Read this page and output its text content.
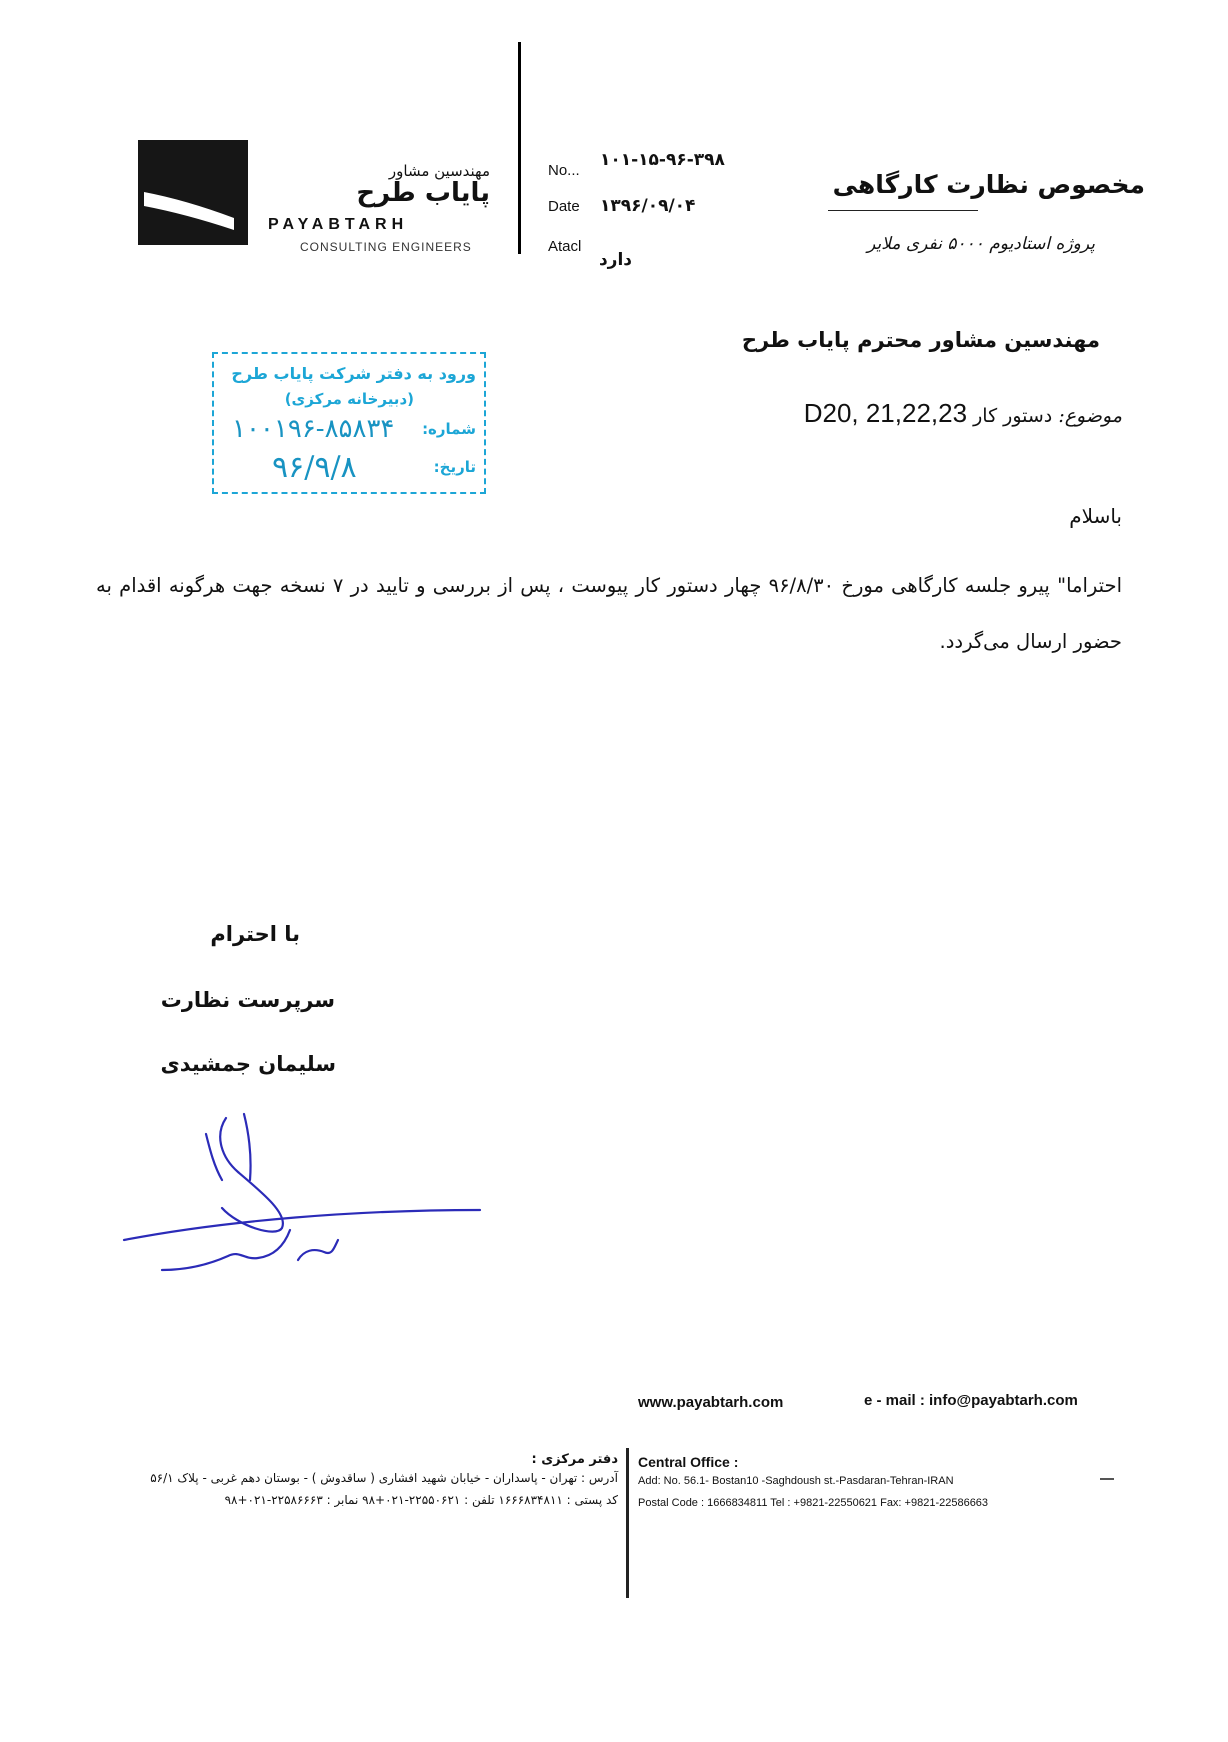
مهندسین مشاور
پایاب طرح
PAYABTARH
CONSULTING ENGINEERS
No...
۱۰۱-۱۵-۹۶-۳۹۸
Date ۱۳۹۶/۰۹/۰۴
Atacl
دارد
مخصوص نظارت کارگاهی
پروژه استادیوم ۵۰۰۰ نفری ملایر
ورود به دفتر شرکت پایاب طرح
(دبیرخانه مرکزی)
شماره:
۱۰۰۱۹۶-۸۵۸۳۴
تاریخ:
۹۶/۹/۸
مهندسین مشاور محترم پایاب طرح
موضوع: دستور کار D20, 21,22,23
باسلام
احتراما" پیرو جلسه کارگاهی مورخ ۹۶/۸/۳۰ چهار دستور کار پیوست ، پس از بررسی و تایید در ۷ نسخه جهت هرگونه اقدام به حضور ارسال می‌گردد.
با احترام
سرپرست نظارت
سلیمان جمشیدی
www.payabtarh.com	e - mail : info@payabtarh.com
دفتر مرکزی :
آدرس : تهران - پاسداران - خیابان شهید افشاری ( ساقدوش ) - بوستان دهم غربی - پلاک ۵۶/۱
کد پستی : ۱۶۶۶۸۳۴۸۱۱ تلفن : ۲۲۵۵۰۶۲۱-۰۲۱+۹۸ نمابر : ۲۲۵۸۶۶۶۳-۰۲۱+۹۸
Central Office :
Add: No. 56.1- Bostan10 -Saghdoush st.-Pasdaran-Tehran-IRAN
Postal Code : 1666834811 Tel : +9821-22550621 Fax: +9821-22586663
